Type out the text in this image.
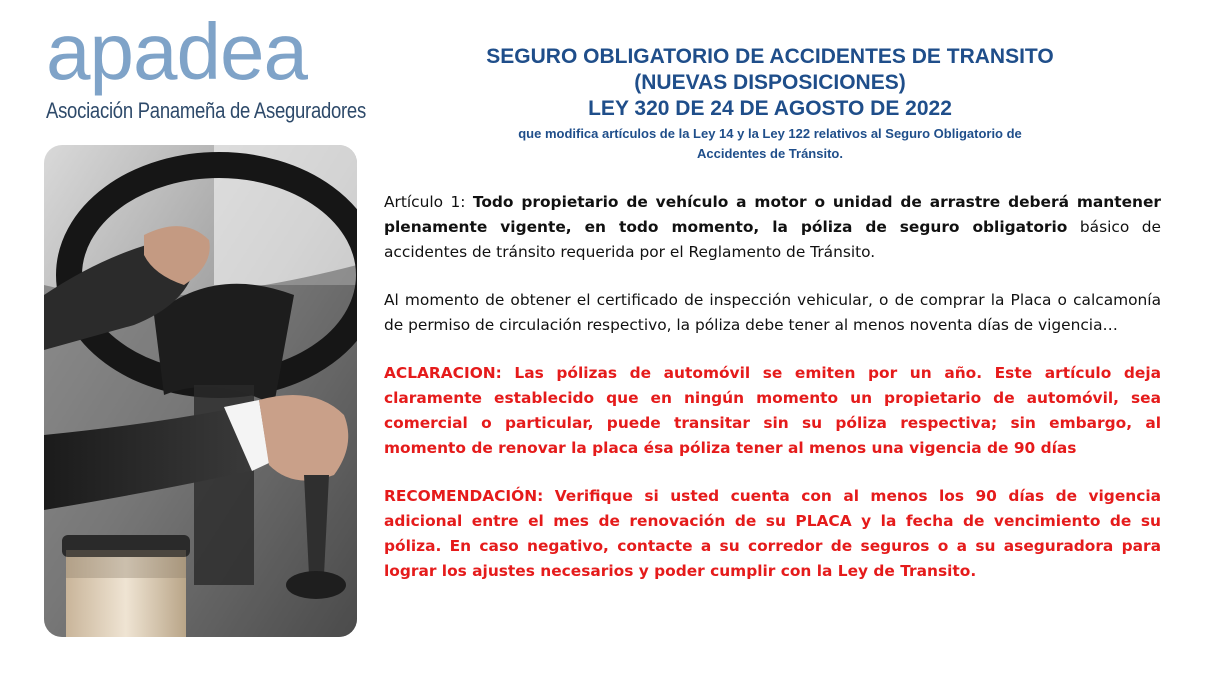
apadea
Asociación Panameña de Aseguradores
SEGURO OBLIGATORIO DE ACCIDENTES DE TRANSITO
(NUEVAS DISPOSICIONES)
LEY 320 DE 24 DE AGOSTO DE 2022
que modifica artículos de la Ley 14 y la Ley 122 relativos al Seguro Obligatorio de
Accidentes de Tránsito.

Artículo 1: Todo propietario de vehículo a motor o unidad de arrastre deberá mantener plenamente vigente, en todo momento, la póliza de seguro obligatorio básico de accidentes de tránsito requerida por el Reglamento de Tránsito.

Al momento de obtener el certificado de inspección vehicular, o de comprar la Placa o calcamonía de permiso de circulación respectivo, la póliza debe tener al menos noventa días de vigencia…

ACLARACION: Las pólizas de automóvil se emiten por un año. Este artículo deja claramente establecido que en ningún momento un propietario de automóvil, sea comercial o particular, puede transitar sin su póliza respectiva; sin embargo, al momento de renovar la placa ésa póliza tener al menos una vigencia de 90 días

RECOMENDACIÓN: Verifique si usted cuenta con al menos los 90 días de vigencia adicional entre el mes de renovación de su PLACA y la fecha de vencimiento de su póliza. En caso negativo, contacte a su corredor de seguros o a su aseguradora para lograr los ajustes necesarios y poder cumplir con la Ley de Transito.
